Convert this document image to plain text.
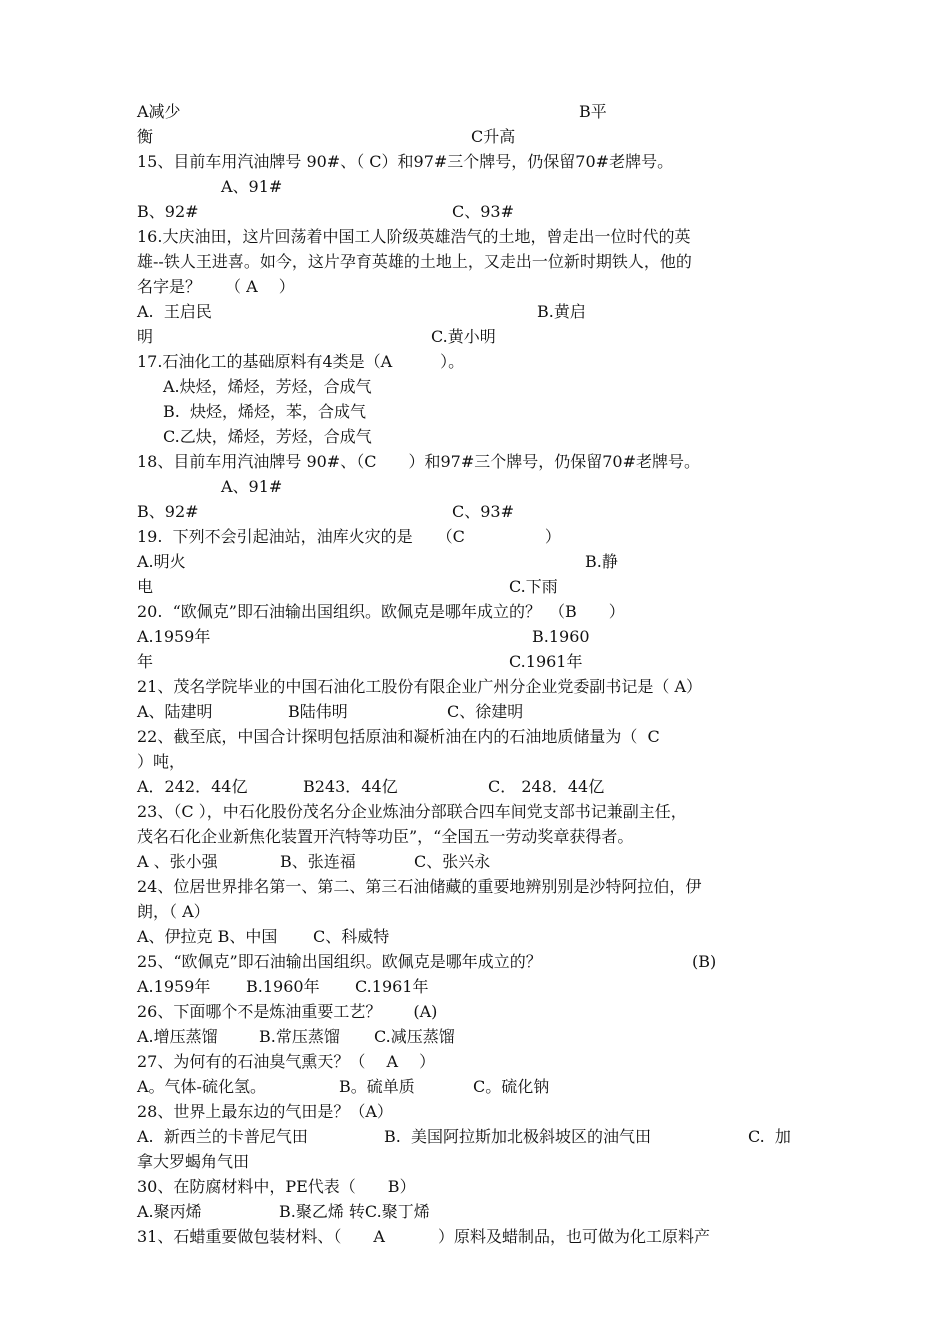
A减少	B平
衡	C升高
15、目前车用汽油牌号 90#、（ C）和97#三个牌号，仍保留70#老牌号。
A、91#
B、92#	C、93#
16.大庆油田，这片回荡着中国工人阶级英雄浩气的土地，曾走出一位时代的英
雄--铁人王进喜。如今，这片孕育英雄的土地上，又走出一位新时期铁人，他的
名字是？　　（ A　 ）
A.  王启民	B.黄启
明	C.黄小明
17.石油化工的基础原料有4类是（A　　　）。
A.炔烃，烯烃，芳烃，合成气
B.  炔烃，烯烃，苯，合成气
C.乙炔，烯烃，芳烃，合成气
18、目前车用汽油牌号 90#、（C　　）和97#三个牌号，仍保留70#老牌号。
A、91#
B、92#	C、93#
19.  下列不会引起油站，油库火灾的是　　（C　　　　　）
A.明火	B.静
电	C.下雨
20.  “欧佩克”即石油输出国组织。欧佩克是哪年成立的？　（B　　）
A.1959年	B.1960
年	C.1961年
21、茂名学院毕业的中国石油化工股份有限企业广州分企业党委副书记是（ A）
A、陆建明	B陆伟明	C、徐建明
22、截至底，中国合计探明包括原油和凝析油在内的石油地质储量为（  C
）吨，
A．242．44亿	B243．44亿	C． 248．44亿
23、（C ），中石化股份茂名分企业炼油分部联合四车间党支部书记兼副主任，
茂名石化企业新焦化装置开汽特等功臣”，“全国五一劳动奖章获得者。
A 、张小强	B、张连福	C、张兴永
24、位居世界排名第一、第二、第三石油储藏的重要地辨别别是沙特阿拉伯，伊
朗，（ A）
A、伊拉克 B、中国 C、科威特
25、“欧佩克”即石油输出国组织。欧佩克是哪年成立的？	(B)
A.1959年 B.1960年 C.1961年
26、下面哪个不是炼油重要工艺？　　(A)
A.增压蒸馏	B.常压蒸馏 C.减压蒸馏
27、为何有的石油臭气熏天？（　 A　 ）
A。气体-硫化氢。	B。硫单质	C。硫化钠
28、世界上最东边的气田是？（A）
A.  新西兰的卡普尼气田	B.  美国阿拉斯加北极斜坡区的油气田	C.  加
拿大罗蝎角气田
30、在防腐材料中，PE代表（　　B）
A.聚丙烯	B.聚乙烯 转C.聚丁烯
31、石蜡重要做包装材料、（　　A　　　 ）原料及蜡制品，也可做为化工原料产
